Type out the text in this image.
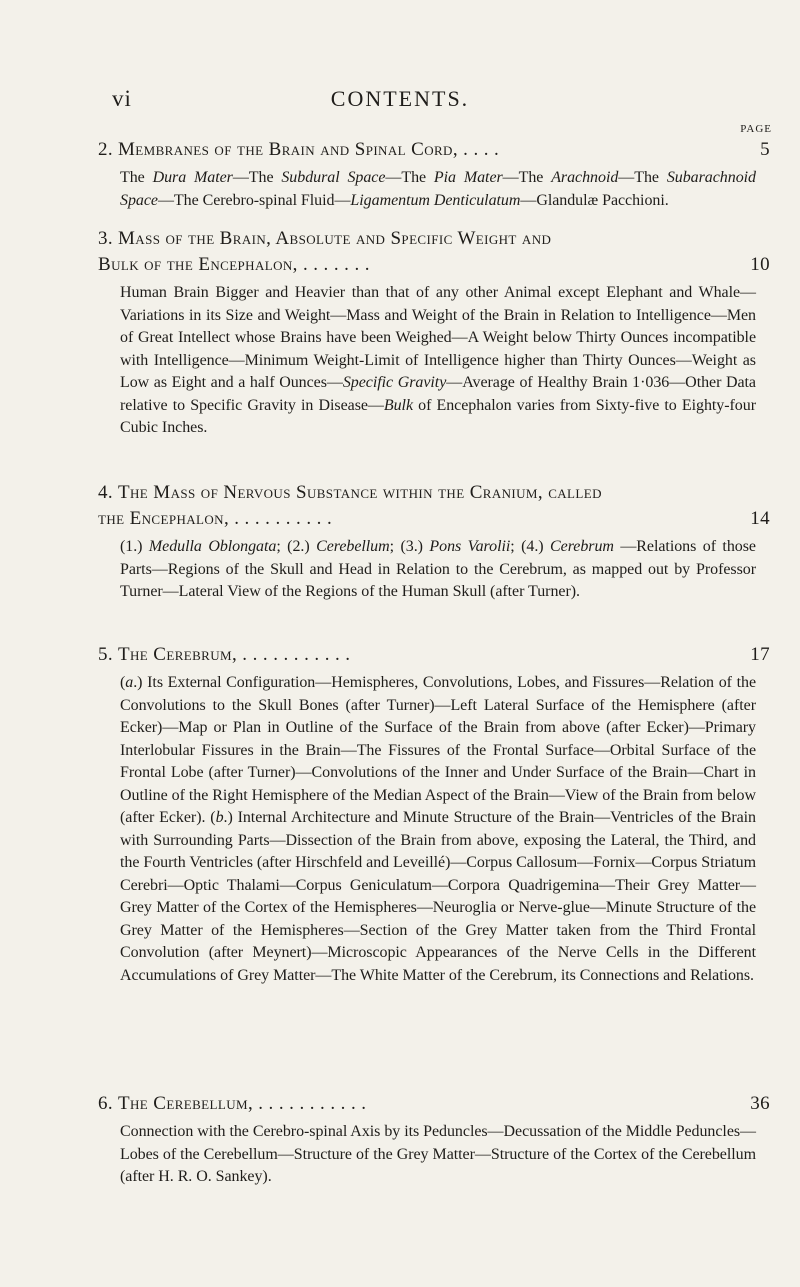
vi	CONTENTS.
PAGE
2. Membranes of the Brain and Spinal Cord, . . . .	5
The Dura Mater—The Subdural Space—The Pia Mater—The Arachnoid—The Subarachnoid Space—The Cerebro-spinal Fluid—Ligamentum Denticulatum—Glandulæ Pacchioni.
3. Mass of the Brain, Absolute and Specific Weight and
Bulk of the Encephalon, . . . . . . .	10
Human Brain Bigger and Heavier than that of any other Animal except Elephant and Whale—Variations in its Size and Weight—Mass and Weight of the Brain in Relation to Intelligence—Men of Great Intellect whose Brains have been Weighed—A Weight below Thirty Ounces incompatible with Intelligence—Minimum Weight-Limit of Intelligence higher than Thirty Ounces—Weight as Low as Eight and a half Ounces—Specific Gravity—Average of Healthy Brain 1·036—Other Data relative to Specific Gravity in Disease—Bulk of Encephalon varies from Sixty-five to Eighty-four Cubic Inches.
4. The Mass of Nervous Substance within the Cranium, called
the Encephalon, . . . . . . . . . .	14
(1.) Medulla Oblongata; (2.) Cerebellum; (3.) Pons Varolii; (4.) Cerebrum —Relations of those Parts—Regions of the Skull and Head in Relation to the Cerebrum, as mapped out by Professor Turner—Lateral View of the Regions of the Human Skull (after Turner).
5. The Cerebrum, . . . . . . . . . . .	17
(a.) Its External Configuration—Hemispheres, Convolutions, Lobes, and Fissures—Relation of the Convolutions to the Skull Bones (after Turner)—Left Lateral Surface of the Hemisphere (after Ecker)—Map or Plan in Outline of the Surface of the Brain from above (after Ecker)—Primary Interlobular Fissures in the Brain—The Fissures of the Frontal Surface—Orbital Surface of the Frontal Lobe (after Turner)—Convolutions of the Inner and Under Surface of the Brain—Chart in Outline of the Right Hemisphere of the Median Aspect of the Brain—View of the Brain from below (after Ecker). (b.) Internal Architecture and Minute Structure of the Brain—Ventricles of the Brain with Surrounding Parts—Dissection of the Brain from above, exposing the Lateral, the Third, and the Fourth Ventricles (after Hirschfeld and Leveillé)—Corpus Callosum—Fornix—Corpus Striatum Cerebri—Optic Thalami—Corpus Geniculatum—Corpora Quadrigemina—Their Grey Matter—Grey Matter of the Cortex of the Hemispheres—Neuroglia or Nerve-glue—Minute Structure of the Grey Matter of the Hemispheres—Section of the Grey Matter taken from the Third Frontal Convolution (after Meynert)—Microscopic Appearances of the Nerve Cells in the Different Accumulations of Grey Matter—The White Matter of the Cerebrum, its Connections and Relations.
6. The Cerebellum, . . . . . . . . . . .	36
Connection with the Cerebro-spinal Axis by its Peduncles—Decussation of the Middle Peduncles—Lobes of the Cerebellum—Structure of the Grey Matter—Structure of the Cortex of the Cerebellum (after H. R. O. Sankey).
